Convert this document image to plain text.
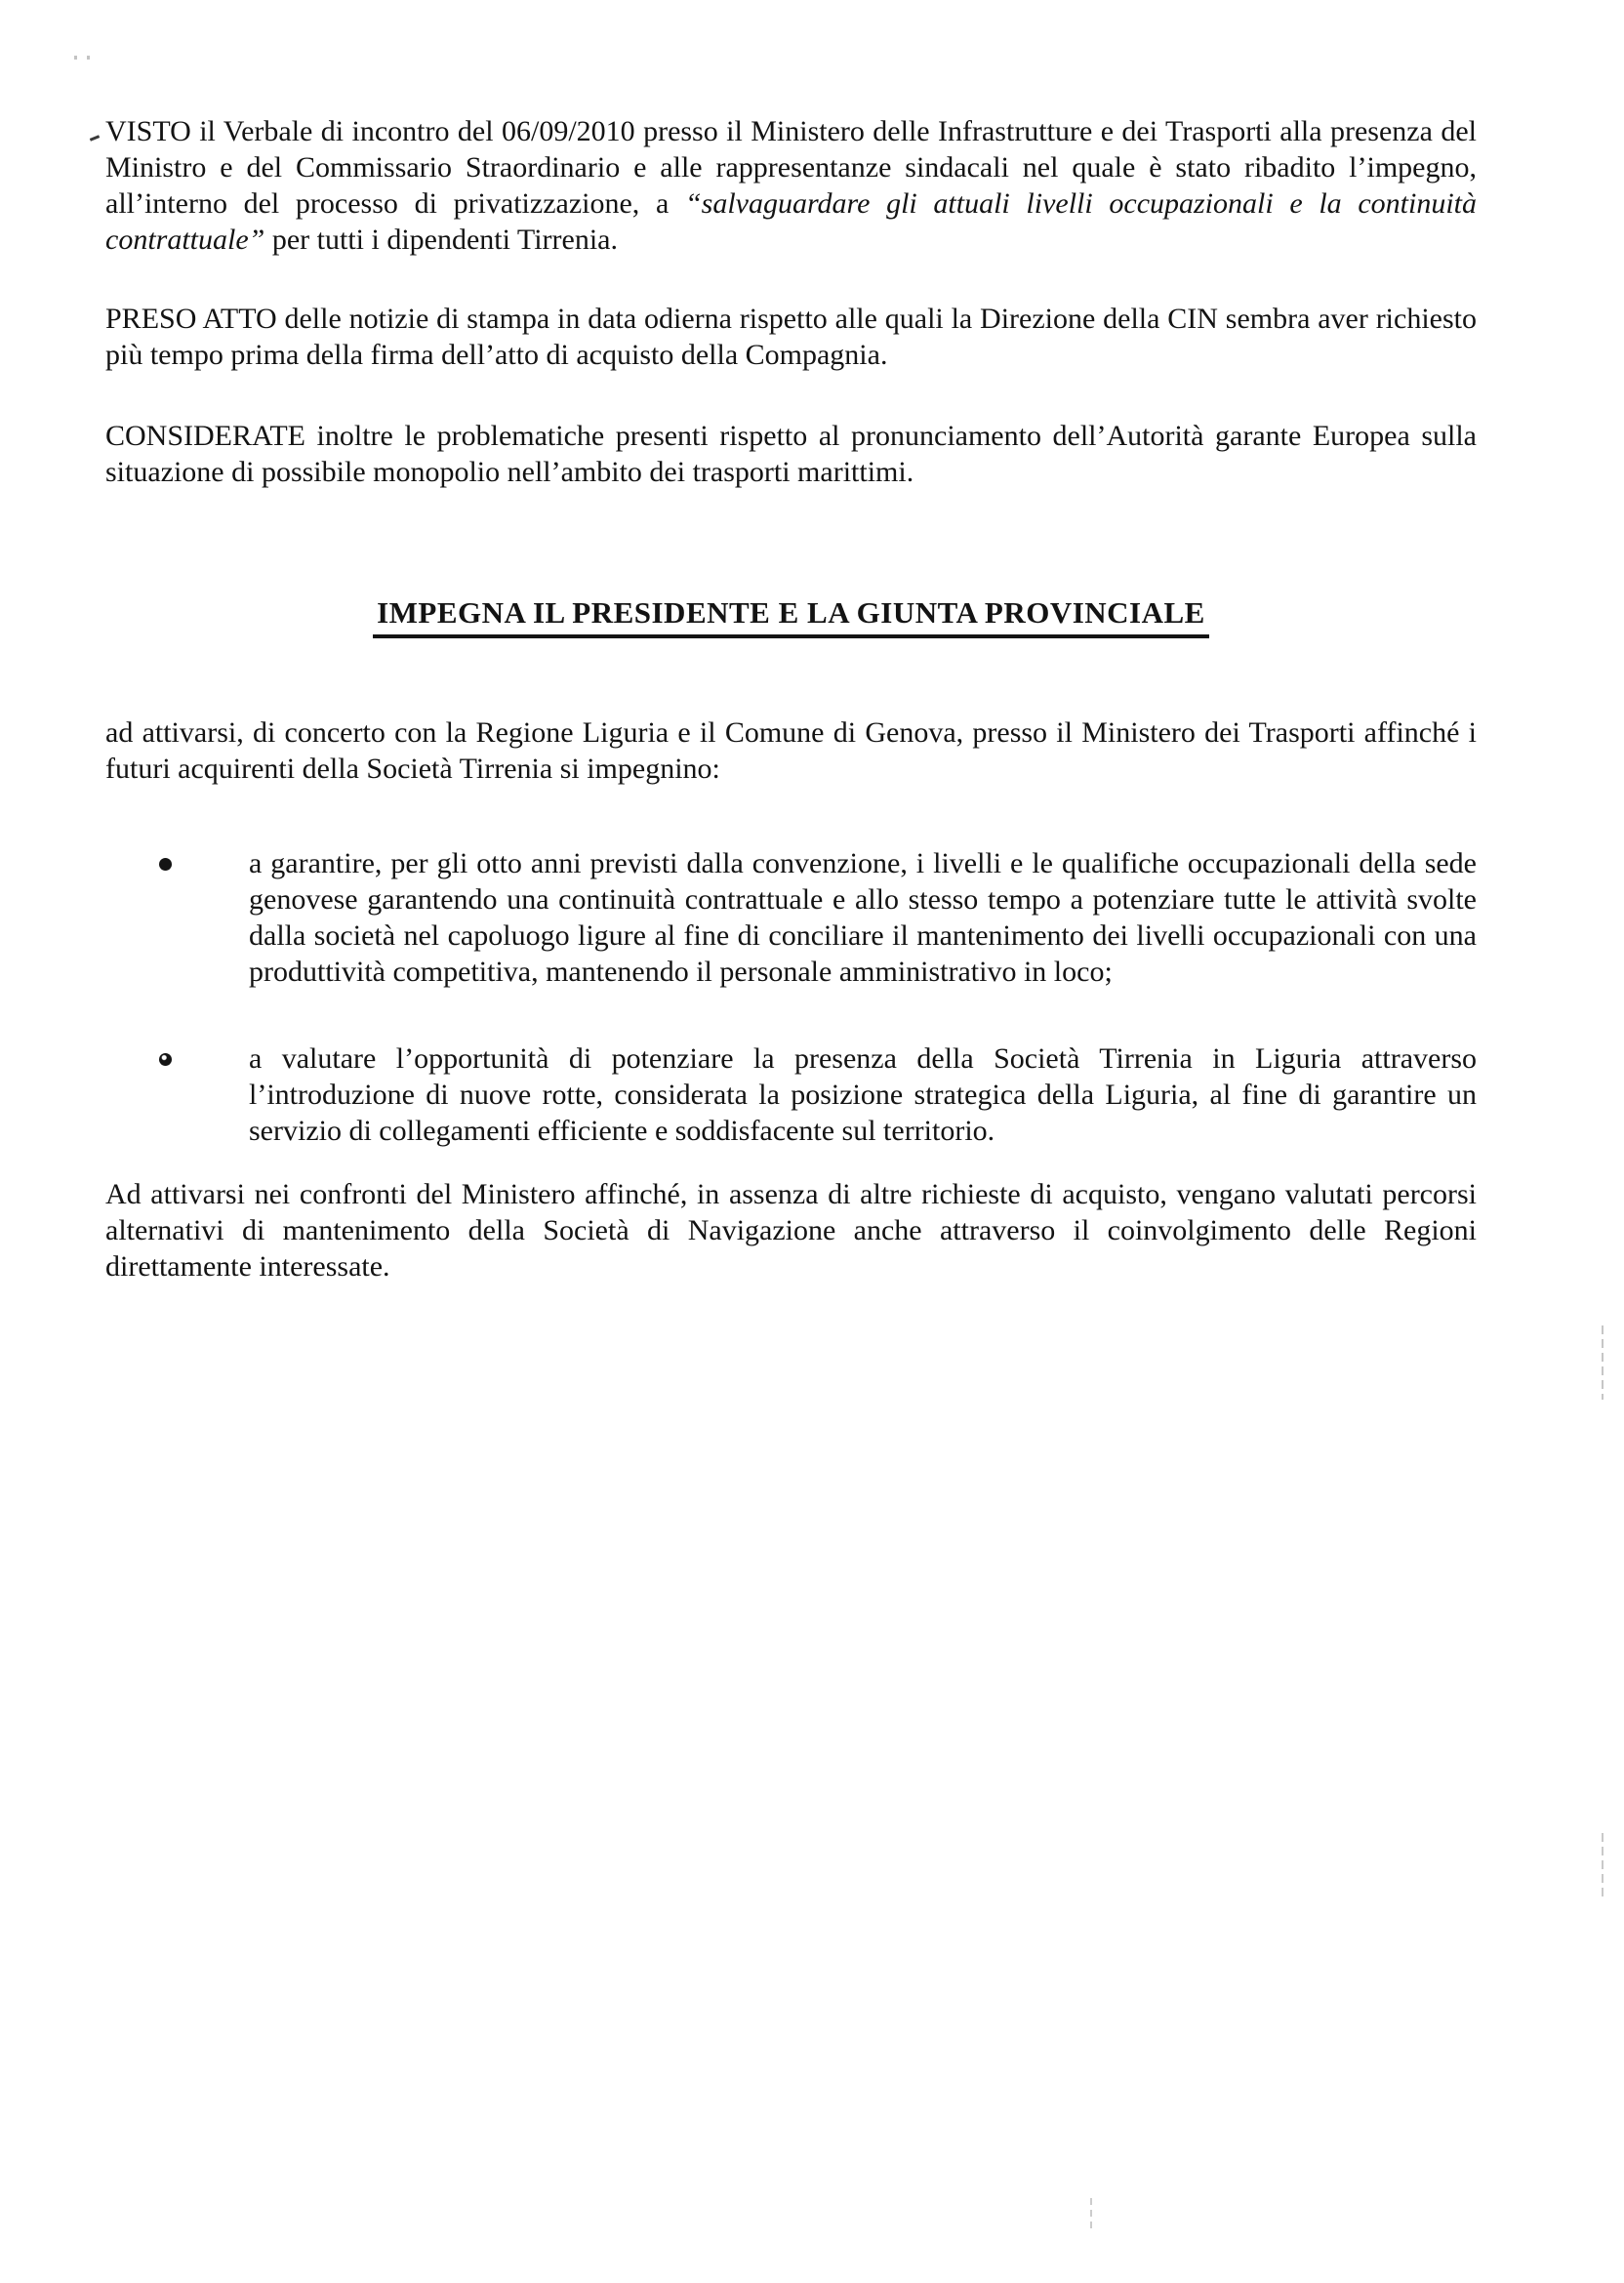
VISTO il Verbale di incontro del 06/09/2010 presso il Ministero delle Infrastrutture e dei Trasporti alla presenza del Ministro e del Commissario Straordinario e alle rappresentanze sindacali nel quale è stato ribadito l’impegno, all’interno del processo di privatizzazione, a “salvaguardare gli attuali livelli occupazionali e la continuità contrattuale” per tutti i dipendenti Tirrenia.

PRESO ATTO delle notizie di stampa in data odierna rispetto alle quali la Direzione della CIN sembra aver richiesto più tempo prima della firma dell’atto di acquisto della Compagnia.

CONSIDERATE inoltre le problematiche presenti rispetto al pronunciamento dell’Autorità garante Europea sulla situazione di possibile monopolio nell’ambito dei trasporti marittimi.

IMPEGNA IL PRESIDENTE E LA GIUNTA PROVINCIALE

ad attivarsi, di concerto con la Regione Liguria e il Comune di Genova, presso il Ministero dei Trasporti affinché i futuri acquirenti della Società Tirrenia si impegnino:

a garantire, per gli otto anni previsti dalla convenzione, i livelli e le qualifiche occupazionali della sede genovese garantendo una continuità contrattuale e allo stesso tempo a potenziare tutte le attività svolte dalla società nel capoluogo ligure al fine di conciliare il mantenimento dei livelli occupazionali con una produttività competitiva, mantenendo il personale amministrativo in loco;
a valutare l’opportunità di potenziare la presenza della Società Tirrenia in Liguria attraverso l’introduzione di nuove rotte, considerata la posizione strategica della Liguria, al fine di garantire un servizio di collegamenti efficiente e soddisfacente sul territorio.

Ad attivarsi nei confronti del Ministero affinché, in assenza di altre richieste di acquisto, vengano valutati percorsi alternativi di mantenimento della Società di Navigazione anche attraverso il coinvolgimento delle Regioni direttamente interessate.
